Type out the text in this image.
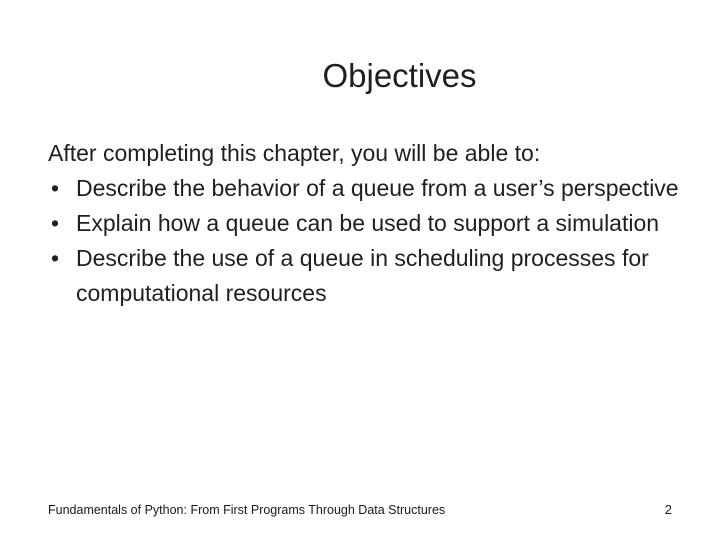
Objectives

After completing this chapter, you will be able to:

• Describe the behavior of a queue from a user’s perspective
• Explain how a queue can be used to support a simulation
• Describe the use of a queue in scheduling processes for computational resources
Fundamentals of Python: From First Programs Through Data Structures	2
